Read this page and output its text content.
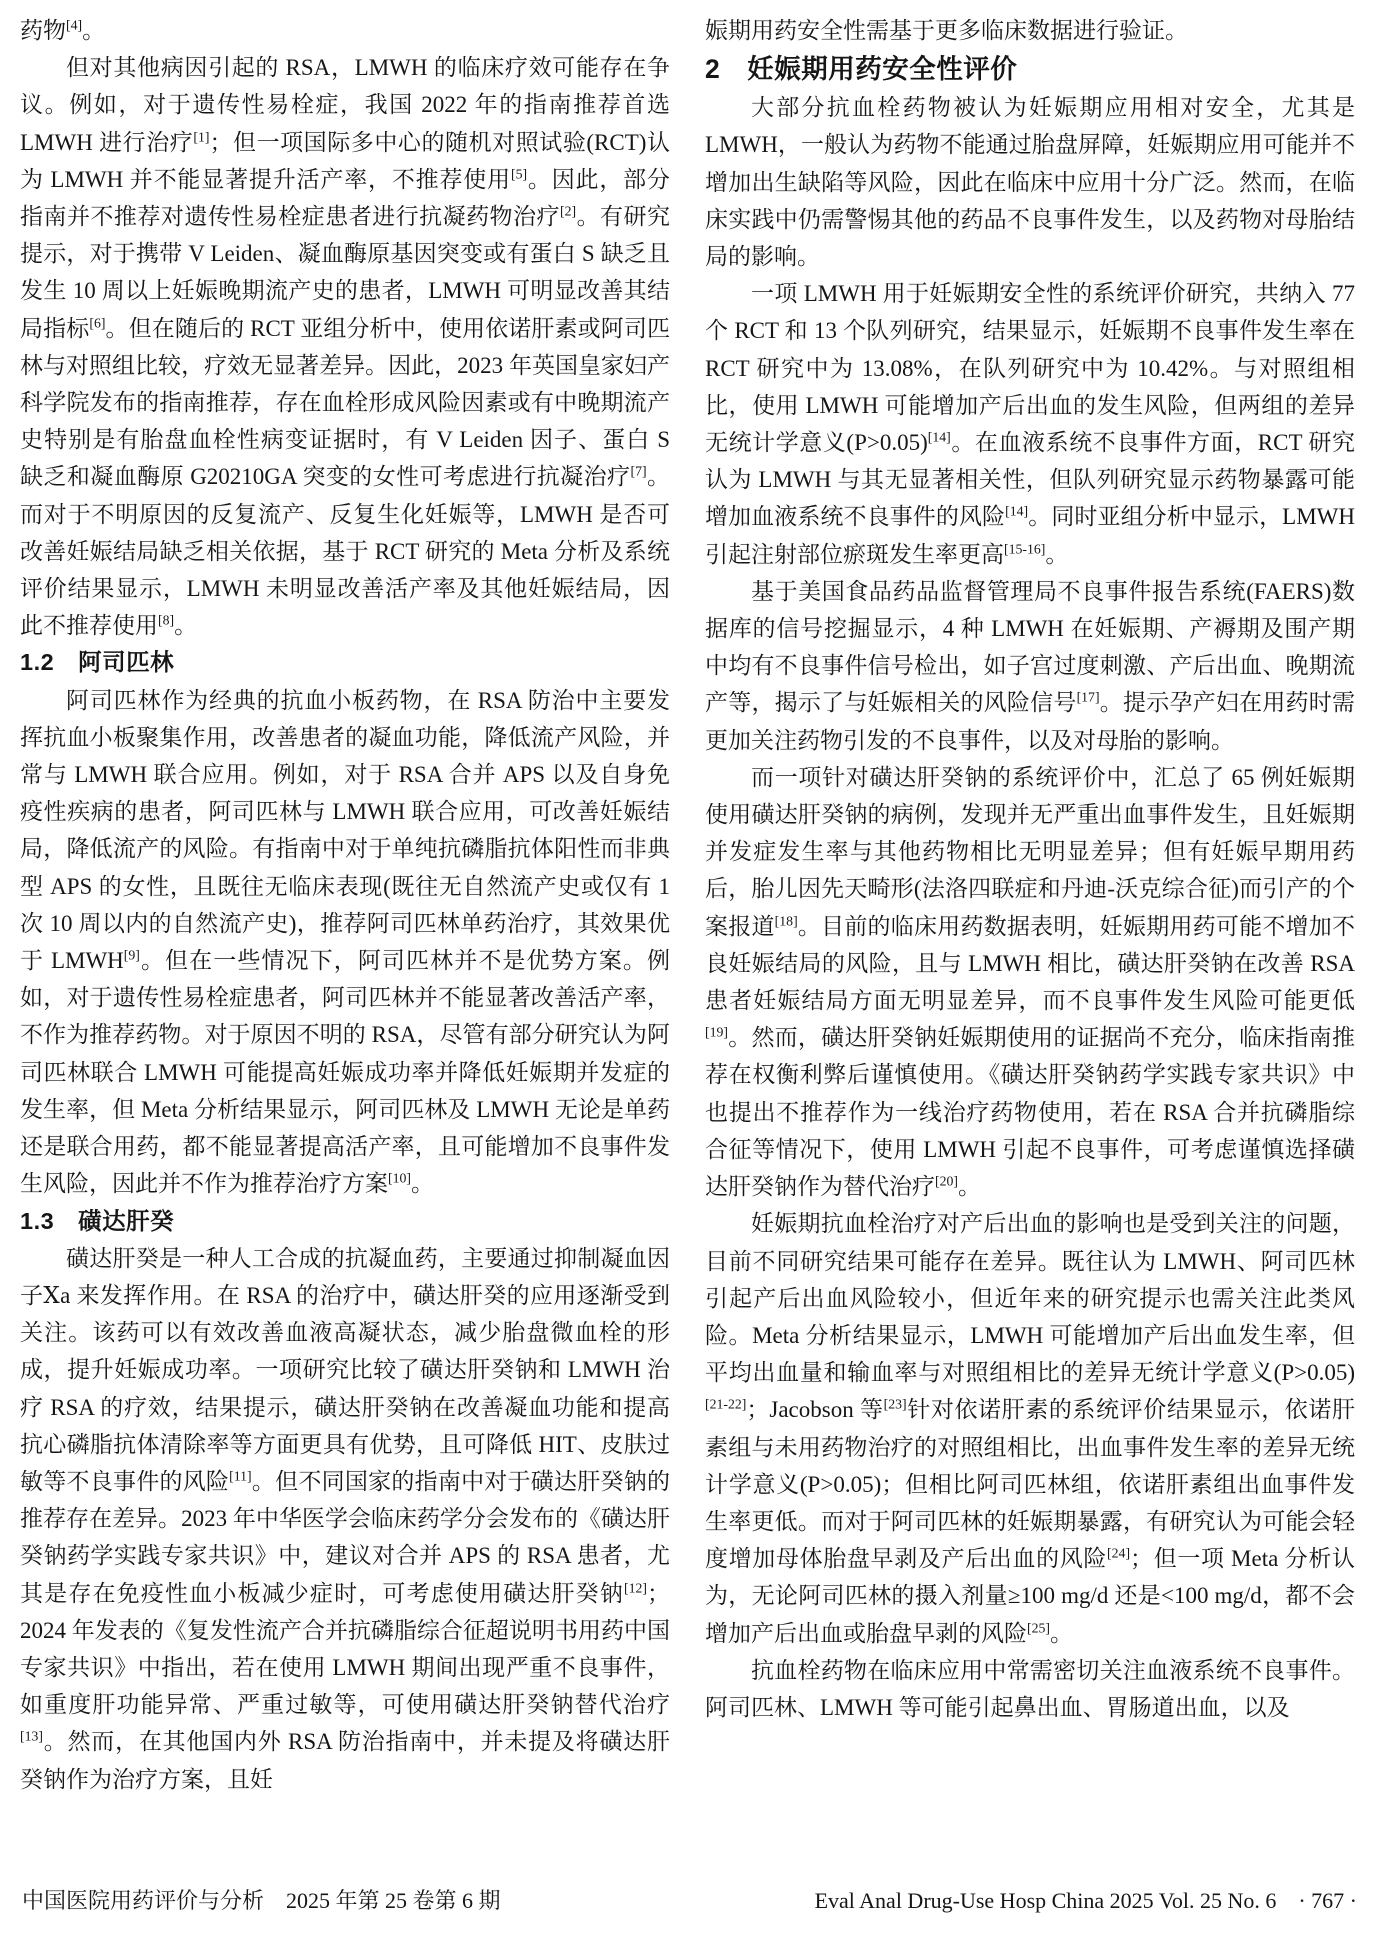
药物[4]。

但对其他病因引起的 RSA，LMWH 的临床疗效可能存在争议。例如，对于遗传性易栓症，我国 2022 年的指南推荐首选 LMWH 进行治疗[1]；但一项国际多中心的随机对照试验(RCT)认为 LMWH 并不能显著提升活产率，不推荐使用[5]。因此，部分指南并不推荐对遗传性易栓症患者进行抗凝药物治疗[2]。有研究提示，对于携带 V Leiden、凝血酶原基因突变或有蛋白 S 缺乏且发生 10 周以上妊娠晚期流产史的患者，LMWH 可明显改善其结局指标[6]。但在随后的 RCT 亚组分析中，使用依诺肝素或阿司匹林与对照组比较，疗效无显著差异。因此，2023 年英国皇家妇产科学院发布的指南推荐，存在血栓形成风险因素或有中晚期流产史特别是有胎盘血栓性病变证据时，有 V Leiden 因子、蛋白 S 缺乏和凝血酶原 G20210GA 突变的女性可考虑进行抗凝治疗[7]。而对于不明原因的反复流产、反复生化妊娠等，LMWH 是否可改善妊娠结局缺乏相关依据，基于 RCT 研究的 Meta 分析及系统评价结果显示，LMWH 未明显改善活产率及其他妊娠结局，因此不推荐使用[8]。

1.2　阿司匹林

阿司匹林作为经典的抗血小板药物，在 RSA 防治中主要发挥抗血小板聚集作用，改善患者的凝血功能，降低流产风险，并常与 LMWH 联合应用。例如，对于 RSA 合并 APS 以及自身免疫性疾病的患者，阿司匹林与 LMWH 联合应用，可改善妊娠结局，降低流产的风险。有指南中对于单纯抗磷脂抗体阳性而非典型 APS 的女性，且既往无临床表现(既往无自然流产史或仅有 1 次 10 周以内的自然流产史)，推荐阿司匹林单药治疗，其效果优于 LMWH[9]。但在一些情况下，阿司匹林并不是优势方案。例如，对于遗传性易栓症患者，阿司匹林并不能显著改善活产率，不作为推荐药物。对于原因不明的 RSA，尽管有部分研究认为阿司匹林联合 LMWH 可能提高妊娠成功率并降低妊娠期并发症的发生率，但 Meta 分析结果显示，阿司匹林及 LMWH 无论是单药还是联合用药，都不能显著提高活产率，且可能增加不良事件发生风险，因此并不作为推荐治疗方案[10]。

1.3　磺达肝癸

磺达肝癸是一种人工合成的抗凝血药，主要通过抑制凝血因子Ⅹa 来发挥作用。在 RSA 的治疗中，磺达肝癸的应用逐渐受到关注。该药可以有效改善血液高凝状态，减少胎盘微血栓的形成，提升妊娠成功率。一项研究比较了磺达肝癸钠和 LMWH 治疗 RSA 的疗效，结果提示，磺达肝癸钠在改善凝血功能和提高抗心磷脂抗体清除率等方面更具有优势，且可降低 HIT、皮肤过敏等不良事件的风险[11]。但不同国家的指南中对于磺达肝癸钠的推荐存在差异。2023 年中华医学会临床药学分会发布的《磺达肝癸钠药学实践专家共识》中，建议对合并 APS 的 RSA 患者，尤其是存在免疫性血小板减少症时，可考虑使用磺达肝癸钠[12]；2024 年发表的《复发性流产合并抗磷脂综合征超说明书用药中国专家共识》中指出，若在使用 LMWH 期间出现严重不良事件，如重度肝功能异常、严重过敏等，可使用磺达肝癸钠替代治疗[13]。然而，在其他国内外 RSA 防治指南中，并未提及将磺达肝癸钠作为治疗方案，且妊

娠期用药安全性需基于更多临床数据进行验证。

2　妊娠期用药安全性评价

大部分抗血栓药物被认为妊娠期应用相对安全，尤其是 LMWH，一般认为药物不能通过胎盘屏障，妊娠期应用可能并不增加出生缺陷等风险，因此在临床中应用十分广泛。然而，在临床实践中仍需警惕其他的药品不良事件发生，以及药物对母胎结局的影响。

一项 LMWH 用于妊娠期安全性的系统评价研究，共纳入 77 个 RCT 和 13 个队列研究，结果显示，妊娠期不良事件发生率在 RCT 研究中为 13.08%，在队列研究中为 10.42%。与对照组相比，使用 LMWH 可能增加产后出血的发生风险，但两组的差异无统计学意义(P>0.05)[14]。在血液系统不良事件方面，RCT 研究认为 LMWH 与其无显著相关性，但队列研究显示药物暴露可能增加血液系统不良事件的风险[14]。同时亚组分析中显示，LMWH 引起注射部位瘀斑发生率更高[15-16]。

基于美国食品药品监督管理局不良事件报告系统(FAERS)数据库的信号挖掘显示，4 种 LMWH 在妊娠期、产褥期及围产期中均有不良事件信号检出，如子宫过度刺激、产后出血、晚期流产等，揭示了与妊娠相关的风险信号[17]。提示孕产妇在用药时需更加关注药物引发的不良事件，以及对母胎的影响。

而一项针对磺达肝癸钠的系统评价中，汇总了 65 例妊娠期使用磺达肝癸钠的病例，发现并无严重出血事件发生，且妊娠期并发症发生率与其他药物相比无明显差异；但有妊娠早期用药后，胎儿因先天畸形(法洛四联症和丹迪-沃克综合征)而引产的个案报道[18]。目前的临床用药数据表明，妊娠期用药可能不增加不良妊娠结局的风险，且与 LMWH 相比，磺达肝癸钠在改善 RSA 患者妊娠结局方面无明显差异，而不良事件发生风险可能更低[19]。然而，磺达肝癸钠妊娠期使用的证据尚不充分，临床指南推荐在权衡利弊后谨慎使用。《磺达肝癸钠药学实践专家共识》中也提出不推荐作为一线治疗药物使用，若在 RSA 合并抗磷脂综合征等情况下，使用 LMWH 引起不良事件，可考虑谨慎选择磺达肝癸钠作为替代治疗[20]。

妊娠期抗血栓治疗对产后出血的影响也是受到关注的问题，目前不同研究结果可能存在差异。既往认为 LMWH、阿司匹林引起产后出血风险较小，但近年来的研究提示也需关注此类风险。Meta 分析结果显示，LMWH 可能增加产后出血发生率，但平均出血量和输血率与对照组相比的差异无统计学意义(P>0.05)[21-22]；Jacobson 等[23]针对依诺肝素的系统评价结果显示，依诺肝素组与未用药物治疗的对照组相比，出血事件发生率的差异无统计学意义(P>0.05)；但相比阿司匹林组，依诺肝素组出血事件发生率更低。而对于阿司匹林的妊娠期暴露，有研究认为可能会轻度增加母体胎盘早剥及产后出血的风险[24]；但一项 Meta 分析认为，无论阿司匹林的摄入剂量≥100 mg/d 还是<100 mg/d，都不会增加产后出血或胎盘早剥的风险[25]。

抗血栓药物在临床应用中常需密切关注血液系统不良事件。阿司匹林、LMWH 等可能引起鼻出血、胃肠道出血，以及

中国医院用药评价与分析　2025 年第 25 卷第 6 期	Eval Anal Drug-Use Hosp China 2025 Vol. 25 No. 6　· 767 ·
